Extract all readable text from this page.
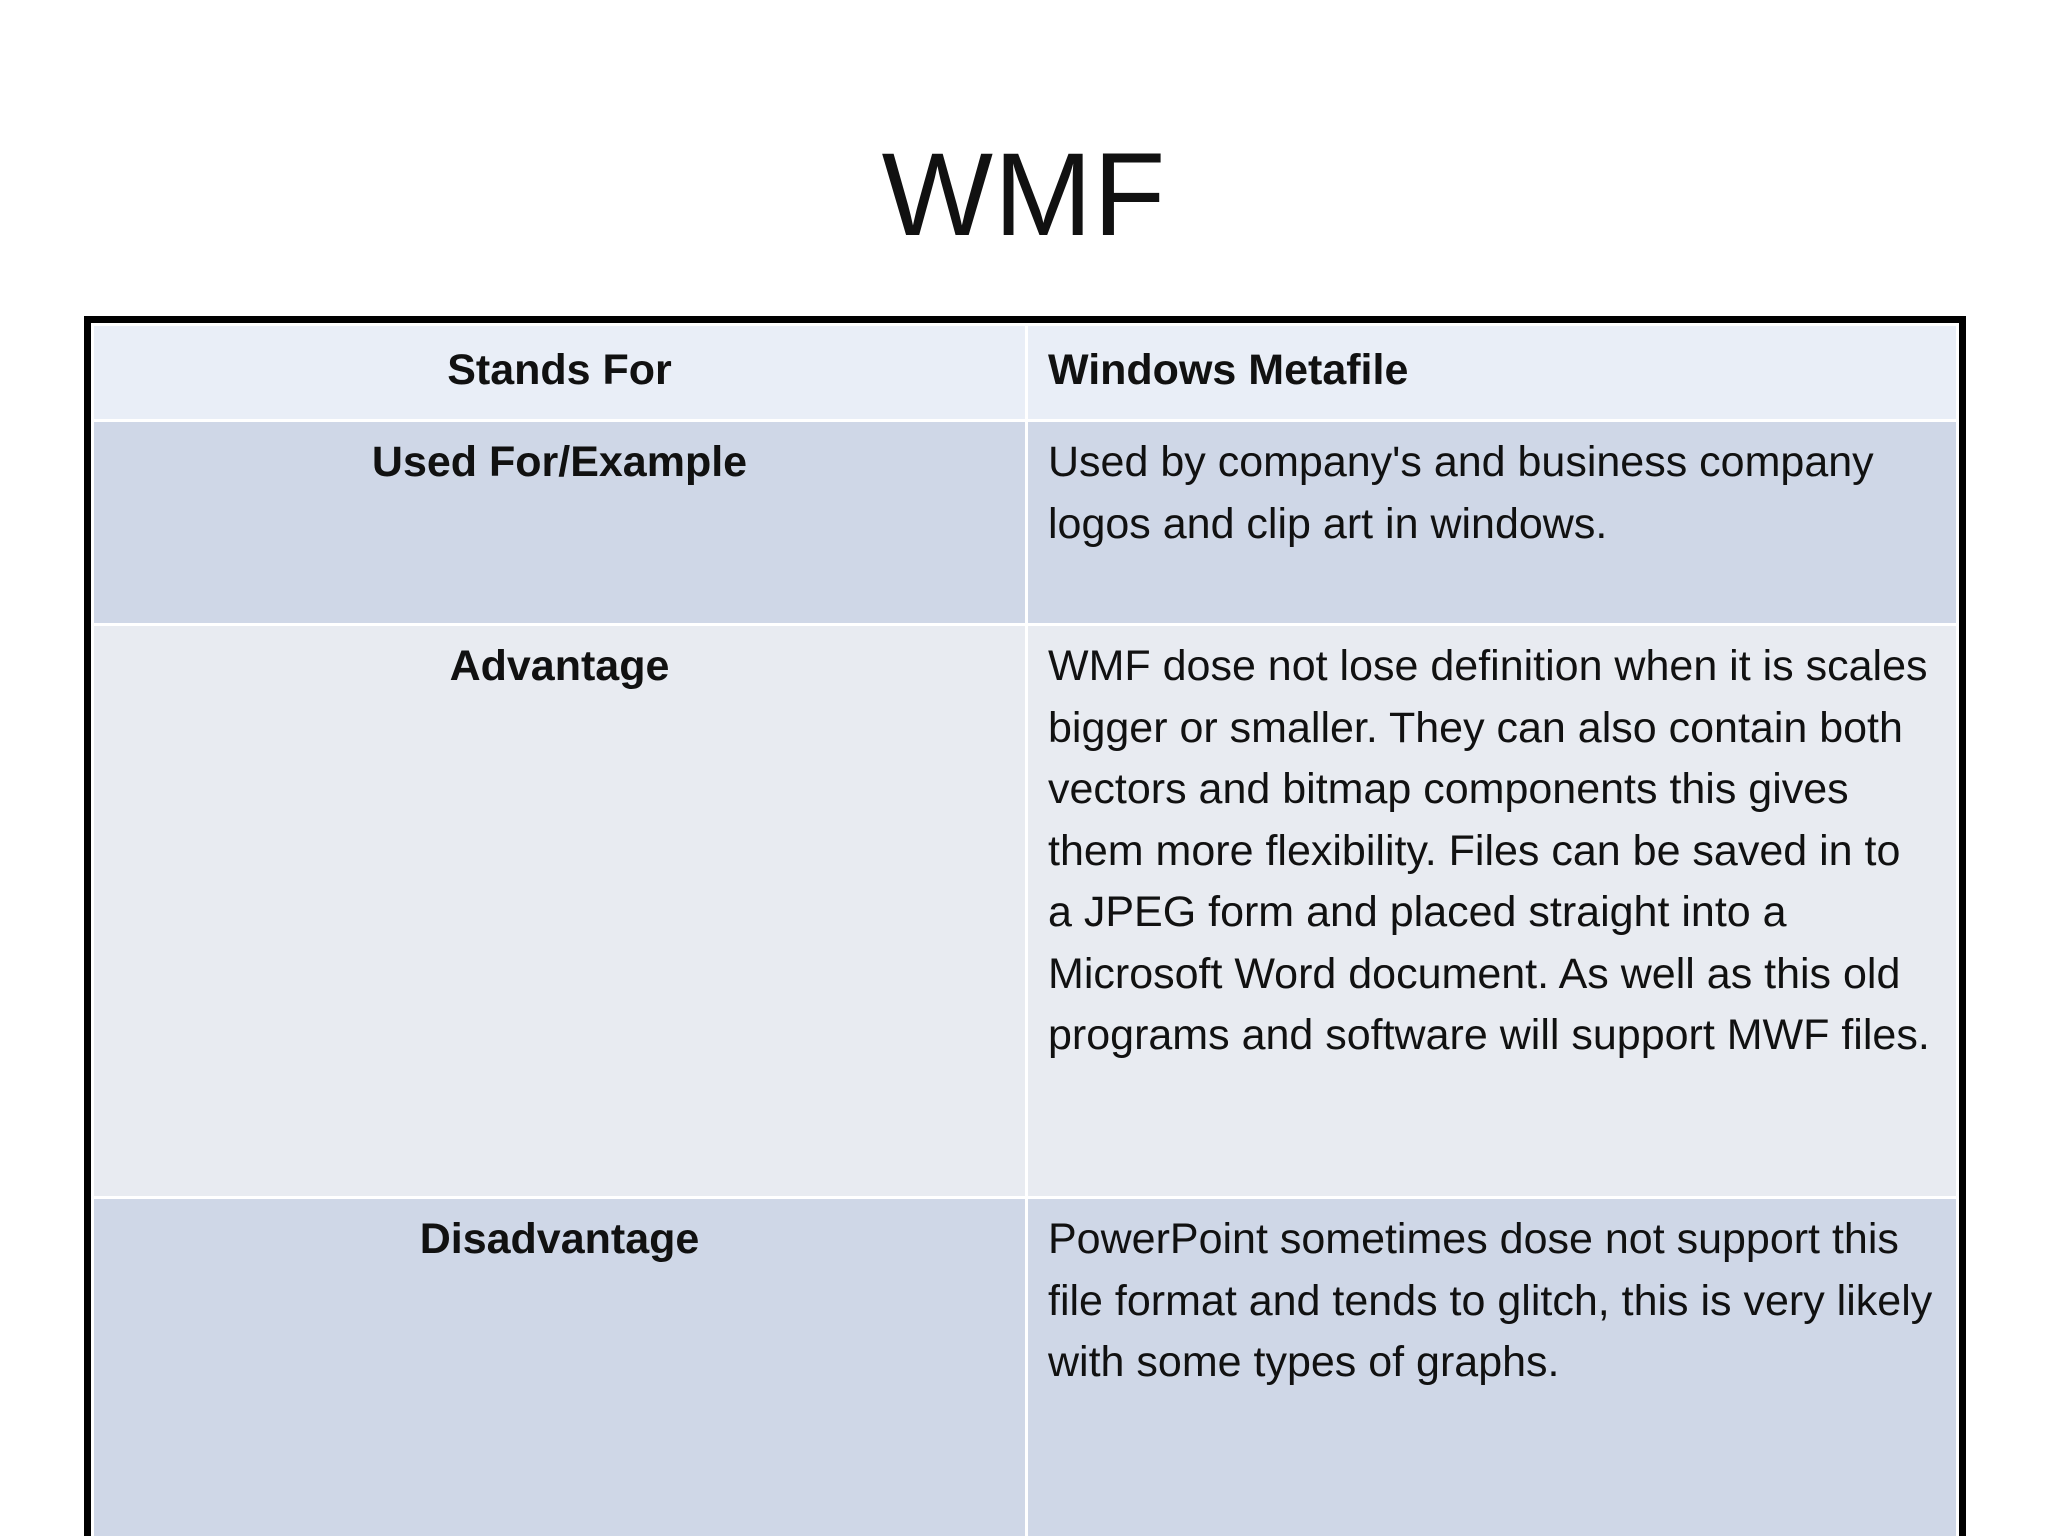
WMF
Stands For	Windows Metafile
Used For/Example	Used by company's and business company logos and clip art in windows.
Advantage	WMF dose not lose definition when it is scales bigger or smaller. They can also contain both vectors and bitmap components this gives them more flexibility. Files can be saved in to a JPEG form and placed straight into a Microsoft Word document. As well as this old programs and software will support MWF files.
Disadvantage	PowerPoint sometimes dose not support this file format and tends to glitch, this is very likely with some types of graphs.
